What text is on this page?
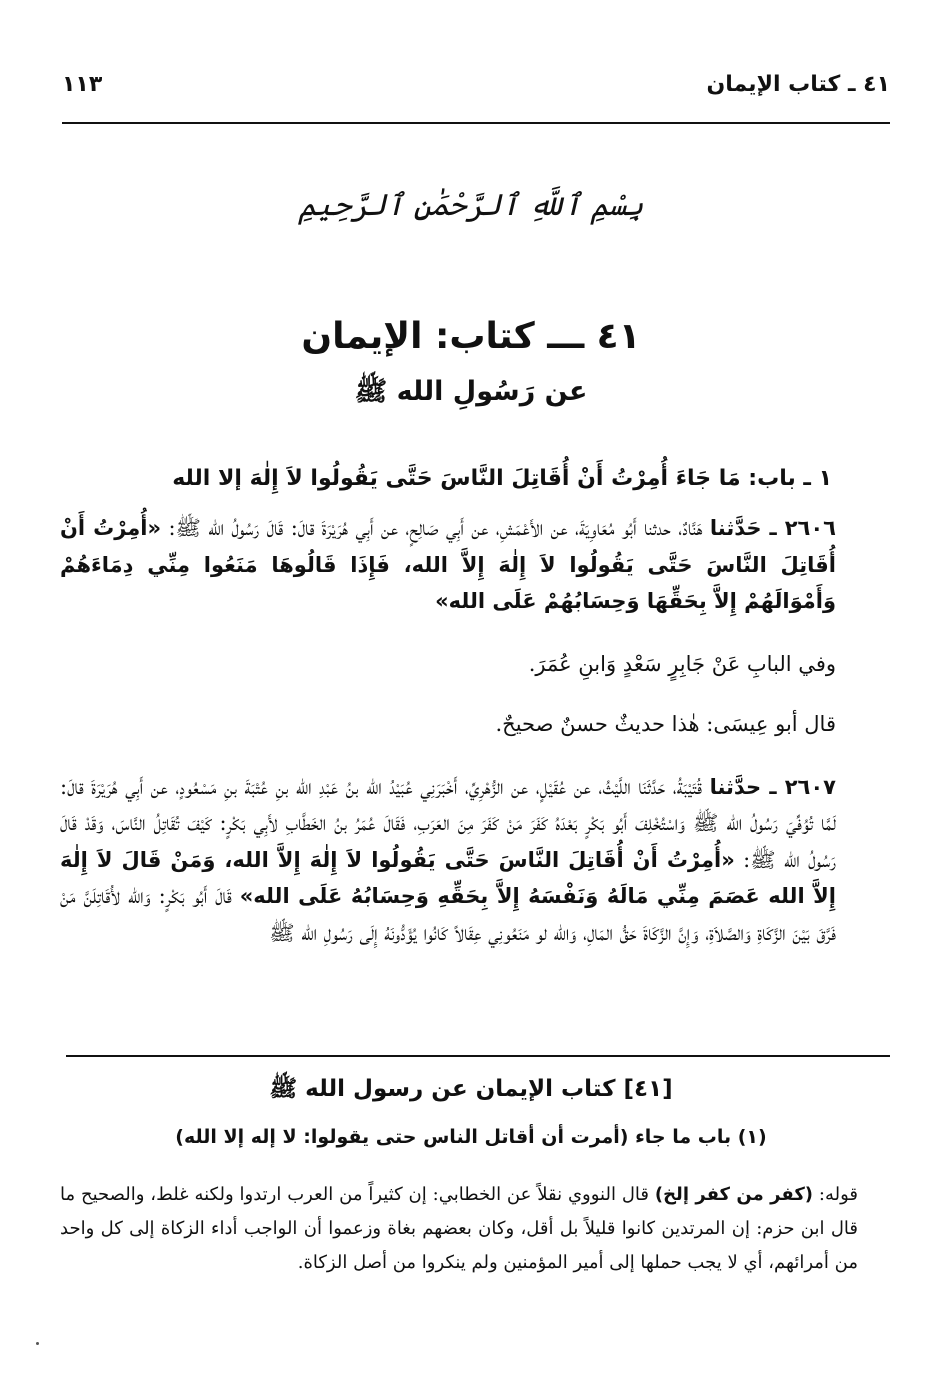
٤١ ـ كتاب الإيمان
١١٣
بِسْمِ ٱللَّهِ ٱلرَّحْمَٰنِ ٱلرَّحِيمِ
٤١ ـــ كتاب: الإيمان
عن رَسُولِ الله ﷺ
١ ـ باب: مَا جَاءَ أُمِرْتُ أَنْ أُقَاتِلَ النَّاسَ حَتَّى يَقُولُوا لاَ إِلٰهَ إلا الله

٢٦٠٦ ـ حَدَّثنا هَنَّادٌ، حدثنا أَبُو مُعَاوِيَةَ، عن الأَعْمَشِ، عن أَبِي صَالِحٍ، عن أَبِي هُرَيْرَةَ قالَ: قَالَ رَسُولُ الله ﷺ: «أُمِرْتُ أَنْ أُقَاتِلَ النَّاسَ حَتَّى يَقُولُوا لاَ إِلٰهَ إِلاَّ الله، فَإِذَا قَالُوهَا مَنَعُوا مِنِّي دِمَاءَهُمْ وَأَمْوَالَهُمْ إِلاَّ بِحَقِّهَا وَحِسَابُهُمْ عَلَى الله»

وفي البابِ عَنْ جَابِرٍ سَعْدٍ وَابنِ عُمَرَ.

قال أبو عِيسَى: هٰذا حديثٌ حسنٌ صحيحٌ.

٢٦٠٧ ـ حدَّثنا قُتَيْبَةُ، حَدَّثَنَا اللَّيْثُ، عن عُقَيْلٍ، عن الزُّهْرِيِّ، أَخْبَرَنِي عُبَيْدُ الله بنُ عَبْدِ الله بنِ عُتْبَةَ بنِ مَسْعُودٍ، عن أَبِي هُرَيْرَةَ قالَ: لَمَّا تُوُفِّيَ رَسُولُ الله ﷺ وَاسْتُخْلِفَ أَبُو بَكْرٍ بَعْدَهُ كَفَرَ مَنْ كَفَرَ مِنَ العَرَبِ، فَقَالَ عُمَرُ بنُ الخَطَّابِ لأَبِي بَكْرٍ: كَيْفَ تُقَاتِلُ النَّاسَ، وَقَدْ قَالَ رَسُولُ الله ﷺ: «أُمِرْتُ أَنْ أُقَاتِلَ النَّاسَ حَتَّى يَقُولُوا لاَ إِلٰهَ إِلاَّ الله، وَمَنْ قَالَ لاَ إِلٰهَ إِلاَّ الله عَصَمَ مِنِّي مَالَهُ وَنَفْسَهُ إِلاَّ بِحَقِّهِ وَحِسَابُهُ عَلَى الله» قَالَ أَبُو بَكْرٍ: وَالله لأُقَاتِلَنَّ مَنْ فَرَّقَ بَيْنَ الزَّكَاةِ وَالصَّلاَةِ، وَإِنَّ الزَّكَاةَ حَقُّ المَالِ، وَالله لو مَنَعُونِي عِقَالاً كَانُوا يُؤَدُّونَهُ إِلَى رَسُولِ الله ﷺ

[٤١] كتاب الإيمان عن رسول الله ﷺ
(١) باب ما جاء (أمرت أن أقاتل الناس حتى يقولوا: لا إله إلا الله)

قوله: (كفر من كفر إلخ) قال النووي نقلاً عن الخطابي: إن كثيراً من العرب ارتدوا ولكنه غلط، والصحيح ما قال ابن حزم: إن المرتدين كانوا قليلاً بل أقل، وكان بعضهم بغاة وزعموا أن الواجب أداء الزكاة إلى كل واحد من أمرائهم، أي لا يجب حملها إلى أمير المؤمنين ولم ينكروا من أصل الزكاة.
